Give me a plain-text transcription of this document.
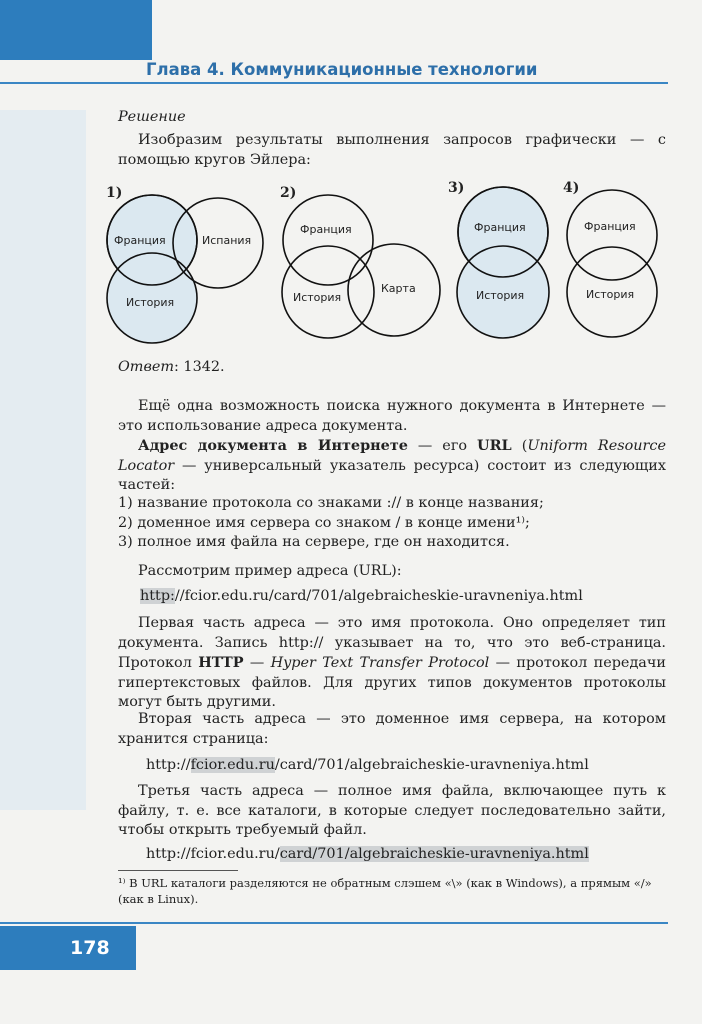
Глава 4. Коммуникационные технологии
Решение
Изобразим результаты выполнения запросов графически — с помощью кругов Эйлера:
1)
Франция	Испания
История
2)
Франция
История
Карта
3)
Франция
История
4)
Франция
История
Ответ: 1342.
Ещё одна возможность поиска нужного документа в Интернете — это использование адреса документа.
Адрес документа в Интернете — его URL (Uniform Resource Locator — универсальный указатель ресурса) состоит из следующих частей:
1) название протокола со знаками :// в конце названия;
2) доменное имя сервера со знаком / в конце имени¹⁾;
3) полное имя файла на сервере, где он находится.
Рассмотрим пример адреса (URL):
http://fcior.edu.ru/card/701/algebraicheskie-uravneniya.html
Первая часть адреса — это имя протокола. Оно определяет тип документа. Запись http:// указывает на то, что это веб-страница. Протокол HTTP — Hyper Text Transfer Protocol — протокол передачи гипертекстовых файлов. Для других типов документов протоколы могут быть другими.
Вторая часть адреса — это доменное имя сервера, на котором хранится страница:
http://fcior.edu.ru/card/701/algebraicheskie-uravneniya.html
Третья часть адреса — полное имя файла, включающее путь к файлу, т. е. все каталоги, в которые следует последовательно зайти, чтобы открыть требуемый файл.
http://fcior.edu.ru/card/701/algebraicheskie-uravneniya.html
¹⁾ В URL каталоги разделяются не обратным слэшем «\» (как в Windows), а прямым «/» (как в Linux).
178
